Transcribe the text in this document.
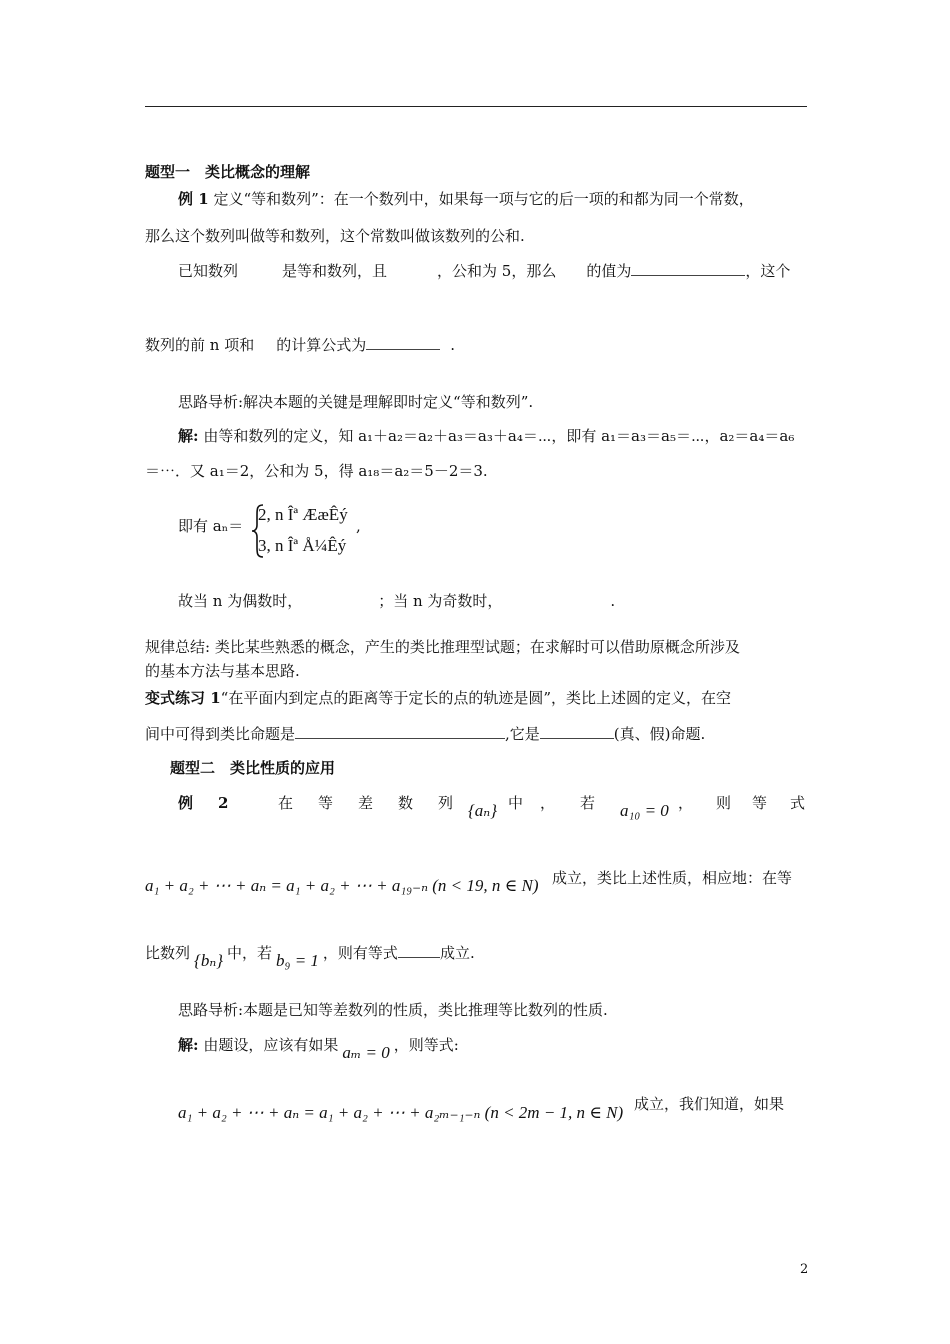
题型一　类比概念的理解
例 1 定义“等和数列”：在一个数列中，如果每一项与它的后一项的和都为同一个常数，
那么这个数列叫做等和数列，这个常数叫做该数列的公和.
已知数列	是等和数列，且	，公和为 5，那么 的值为	，这个
数列的前 n 项和 的计算公式为	.
思路导析:解决本题的关键是理解即时定义“等和数列”.
解: 由等和数列的定义，知 a₁＋a₂＝a₂＋a₃＝a₃＋a₄＝⋯，即有 a₁＝a₃＝a₅＝⋯，a₂＝a₄＝a₆
＝⋯．又 a₁＝2，公和为 5，得 a₁₈＝a₂＝5－2＝3.
即有 aₙ＝
2, n Îª ÆæÊý
3, n Îª Å¼Êý
,
故当 n 为偶数时，	；当 n 为奇数时，	.
规律总结: 类比某些熟悉的概念，产生的类比推理型试题；在求解时可以借助原概念所涉及
的基本方法与基本思路.
变式练习 1“在平面内到定点的距离等于定长的点的轨迹是圆”，类比上述圆的定义，在空
间中可得到类比命题是	,它是	(真、假)命题.
题型二　类比性质的应用
例 2	在 等 差 数 列 {aₙ} 中 ， 若 a₁₀ = 0 ， 则 等 式
a₁ + a₂ + ⋯ + aₙ = a₁ + a₂ + ⋯ + a₁₉₋ₙ (n < 19, n ∈ N) 成立，类比上述性质，相应地：在等
比数列 {bₙ} 中，若 b₉ = 1 ，则有等式	成立.
思路导析:本题是已知等差数列的性质，类比推理等比数列的性质.
解: 由题设，应该有如果 aₘ = 0 ，则等式:
a₁ + a₂ + ⋯ + aₙ = a₁ + a₂ + ⋯ + a₂ₘ₋₁₋ₙ (n < 2m − 1, n ∈ N) 成立，我们知道，如果
2
